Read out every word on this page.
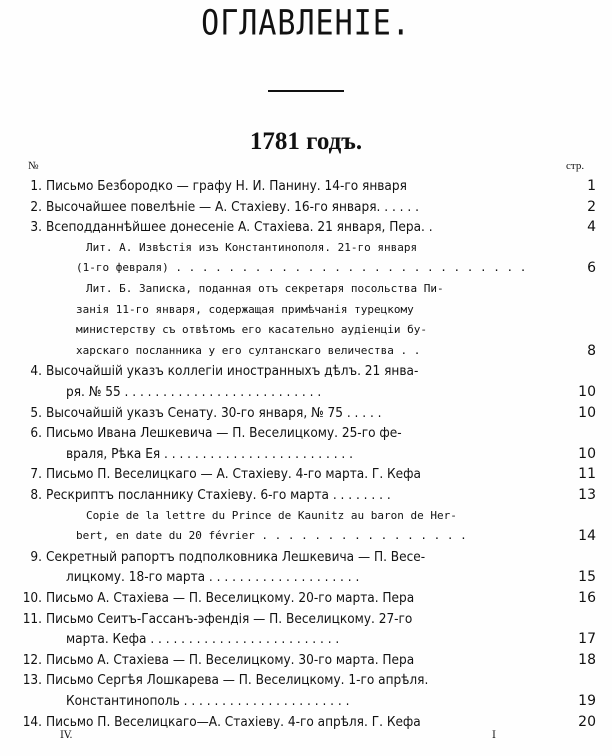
ОГЛАВЛЕНІЕ.
1781 годъ.
№	стр.
1. Письмо Безбородко — графу Н. И. Панину. 14-го января	1
2. Высочайшее повелѣніе — А. Стахіеву. 16-го января. . . . . .	2
3. Всеподданнѣйшее донесеніе А. Стахіева. 21 января, Пера. .	4
Лит. А. Извѣстія изъ Константинополя. 21-го января
(1-го февраля) . . . . . . . . . . . . . . . . . . . . . . . . . . .	6
Лит. Б. Записка, поданная отъ секретаря посольства Пи-
занія 11-го января, содержащая примѣчанія турецкому
министерству съ отвѣтомъ его касательно аудіенціи бу-
харскаго посланника у его султанскаго величества . .	8
4. Высочайшій указъ коллегіи иностранныхъ дѣлъ. 21 янва-
ря. № 55 . . . . . . . . . . . . . . . . . . . . . . . . . .	10
5. Высочайшій указъ Сенату. 30-го января, № 75 . . . . .	10
6. Письмо Ивана Лешкевича — П. Веселицкому. 25-го фе-
враля, Рѣка Ея . . . . . . . . . . . . . . . . . . . . . . . . .	10
7. Письмо П. Веселицкаго — А. Стахіеву. 4-го марта. Г. Кефа	11
8. Рескриптъ посланнику Стахіеву. 6-го марта . . . . . . . .	13
Copie de la lettre du Prince de Kaunitz au baron de Her-
bert, en date du 20 février . . . . . . . . . . . . . . . .	14
9. Секретный рапортъ подполковника Лешкевича — П. Весе-
лицкому. 18-го марта . . . . . . . . . . . . . . . . . . . .	15
10. Письмо А. Стахіева — П. Веселицкому. 20-го марта. Пера	16
11. Письмо Сеитъ-Гассанъ-эфендія — П. Веселицкому. 27-го
марта. Кефа . . . . . . . . . . . . . . . . . . . . . . . . .	17
12. Письмо А. Стахіева — П. Веселицкому. 30-го марта. Пера	18
13. Письмо Сергѣя Лошкарева — П. Веселицкому. 1-го апрѣля.
Константинополь . . . . . . . . . . . . . . . . . . . . . .	19
14. Письмо П. Веселицкаго—А. Стахіеву. 4-го апрѣля. Г. Кефа	20
IV.	I
